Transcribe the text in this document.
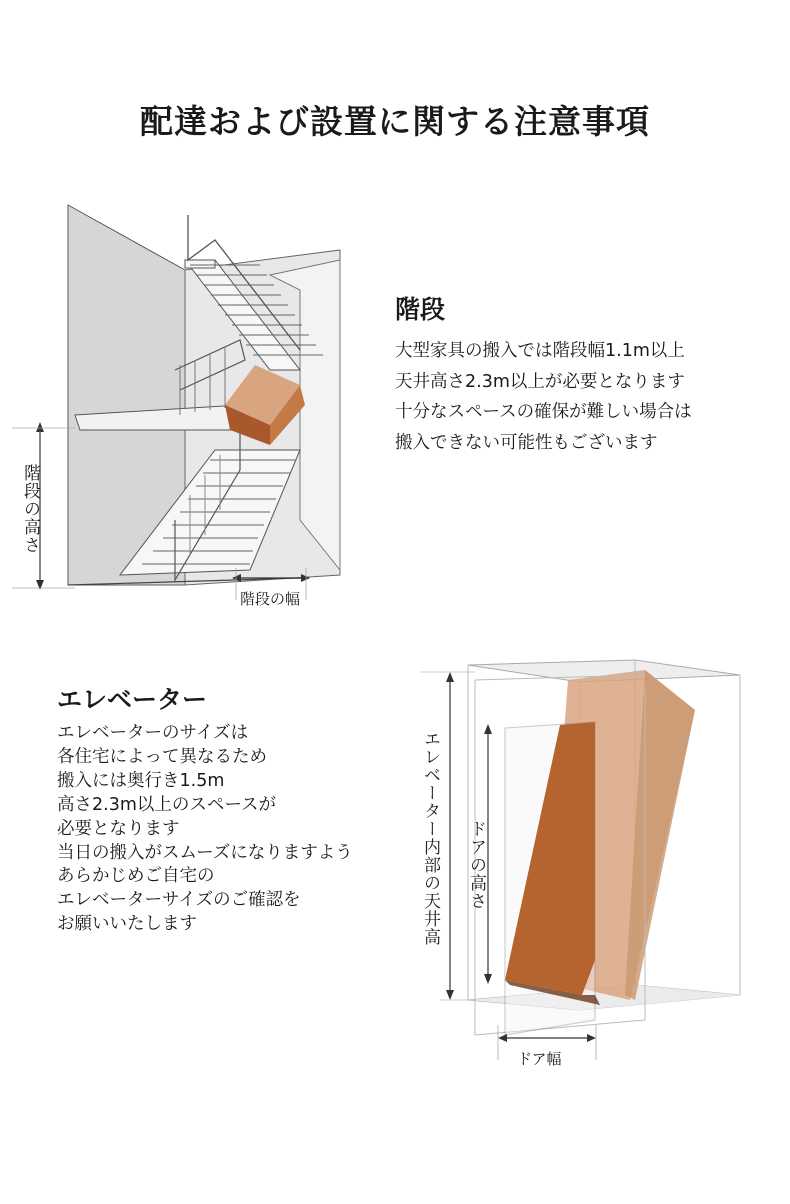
配達および設置に関する注意事項
階段の高さ
階段の幅
階段
大型家具の搬入では階段幅1.1m以上
天井高さ2.3m以上が必要となります
十分なスペースの確保が難しい場合は
搬入できない可能性もございます
エレベーター
エレベーターのサイズは
各住宅によって異なるため
搬入には奥行き1.5m
高さ2.3m以上のスペースが
必要となります
当日の搬入がスムーズになりますよう
あらかじめご自宅の
エレベーターサイズのご確認を
お願いいたします	エレベーター内部の天井高 ドアの高さ
ドア幅
